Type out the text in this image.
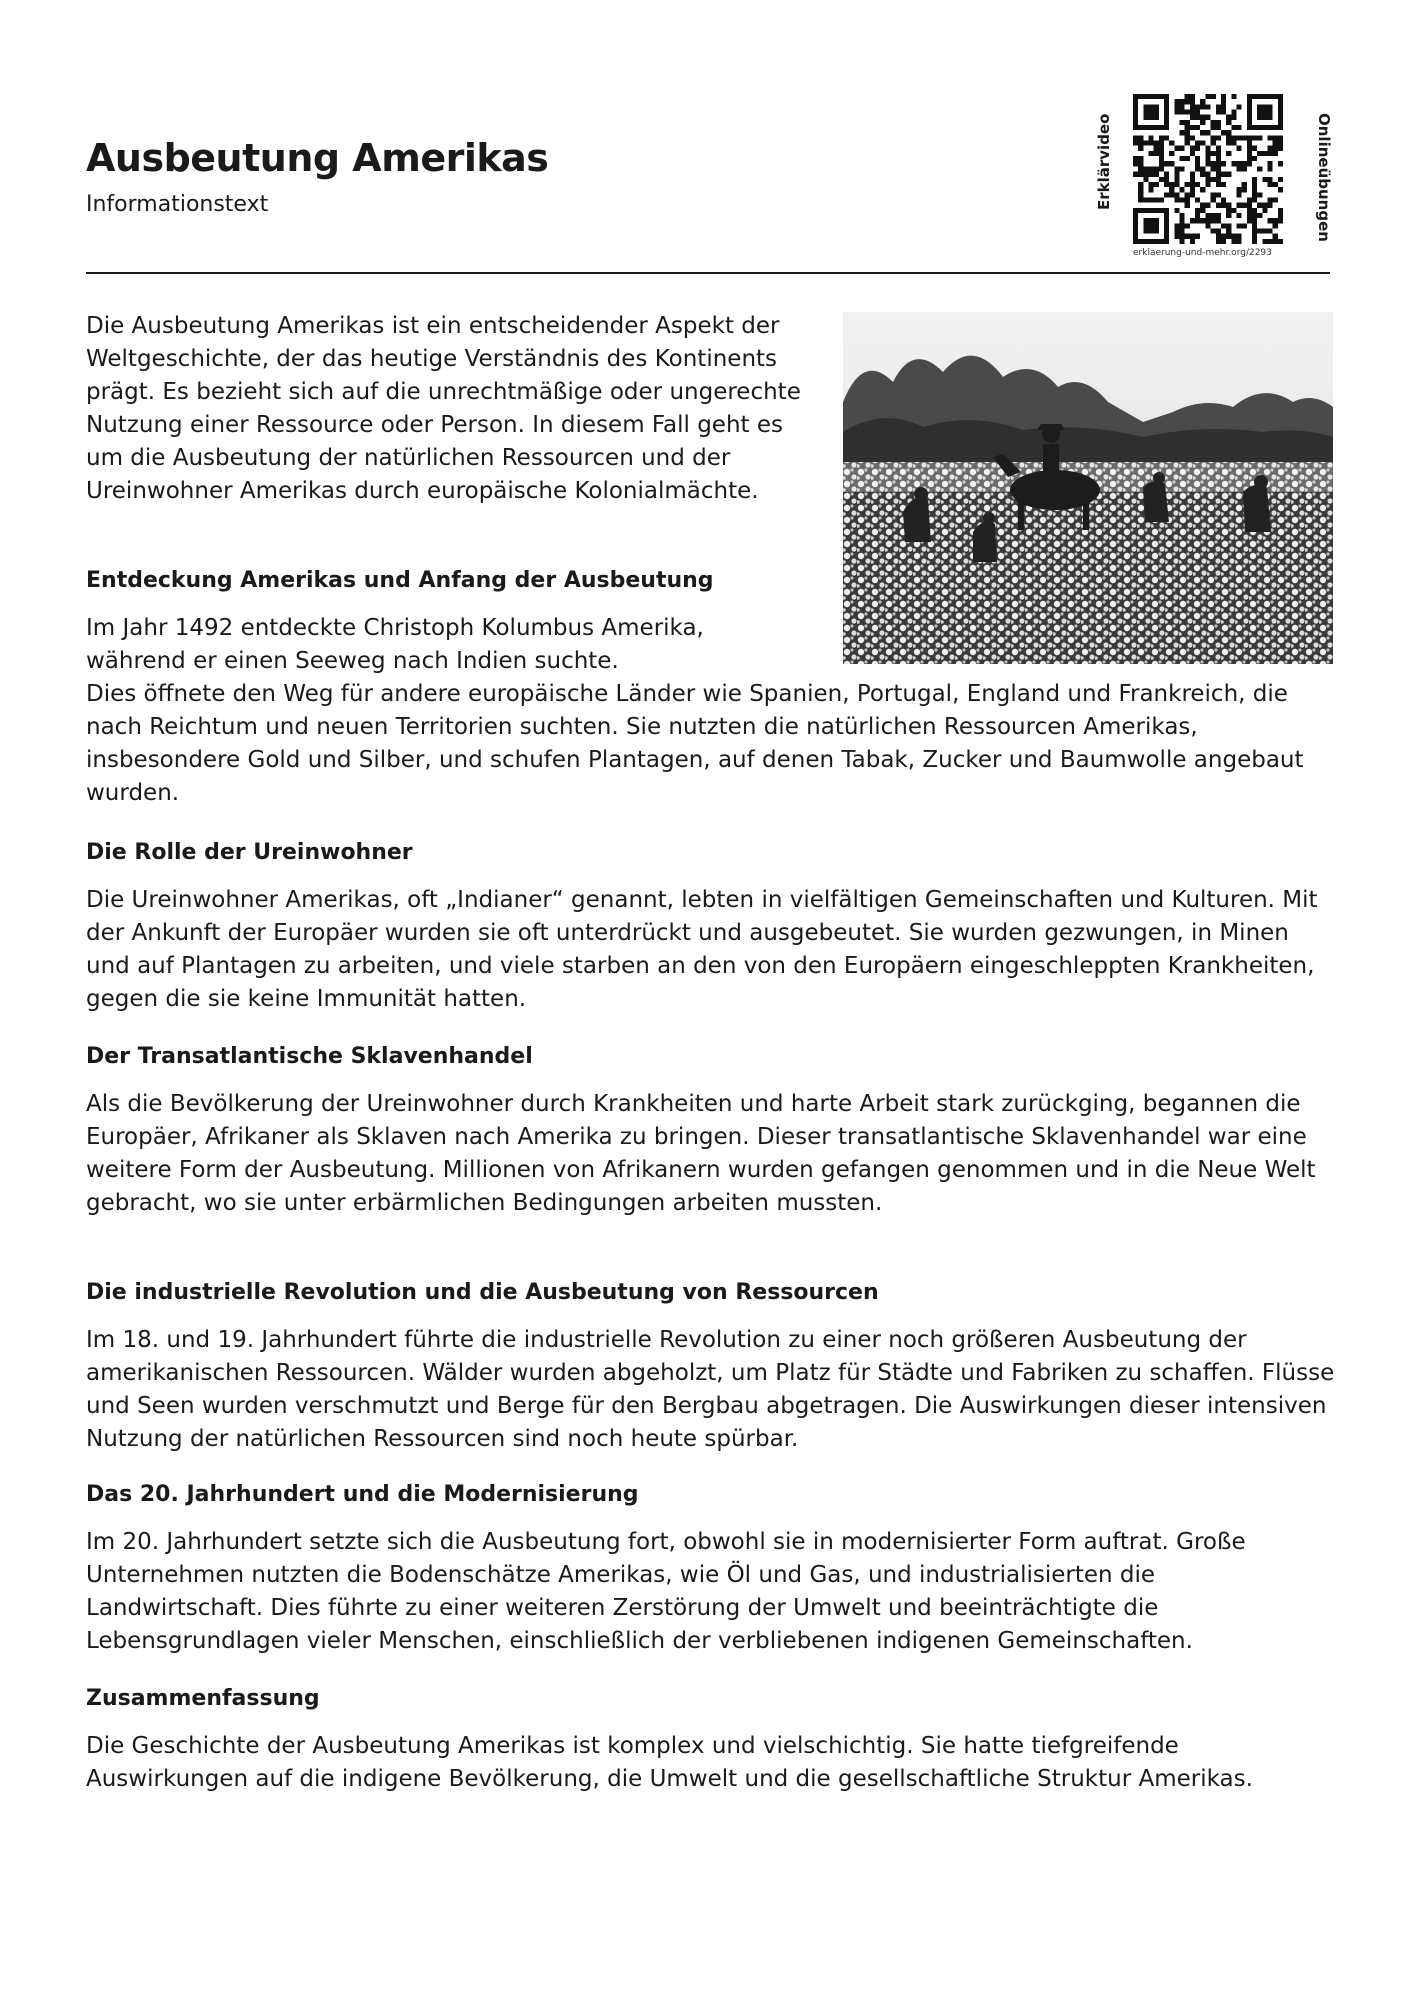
Ausbeutung Amerikas
Informationstext	Erklärvideo	Onlineübungen
erklaerung-und-mehr.org/2293
Die Ausbeutung Amerikas ist ein entscheidender Aspekt der Weltgeschichte, der das heutige Verständnis des Kontinents prägt. Es bezieht sich auf die unrechtmäßige oder ungerechte Nutzung einer Ressource oder Person. In diesem Fall geht es um die Ausbeutung der natürlichen Ressourcen und der Ureinwohner Amerikas durch europäische Kolonialmächte.
Entdeckung Amerikas und Anfang der Ausbeutung

Im Jahr 1492 entdeckte Christoph Kolumbus Amerika, während er einen Seeweg nach Indien suchte.

Dies öffnete den Weg für andere europäische Länder wie Spanien, Portugal, England und Frankreich, die nach Reichtum und neuen Territorien suchten. Sie nutzten die natürlichen Ressourcen Amerikas, insbesondere Gold und Silber, und schufen Plantagen, auf denen Tabak, Zucker und Baumwolle angebaut wurden.

Die Rolle der Ureinwohner

Die Ureinwohner Amerikas, oft „Indianer“ genannt, lebten in vielfältigen Gemeinschaften und Kulturen. Mit der Ankunft der Europäer wurden sie oft unterdrückt und ausgebeutet. Sie wurden gezwungen, in Minen und auf Plantagen zu arbeiten, und viele starben an den von den Europäern eingeschleppten Krankheiten, gegen die sie keine Immunität hatten.

Der Transatlantische Sklavenhandel

Als die Bevölkerung der Ureinwohner durch Krankheiten und harte Arbeit stark zurückging, begannen die Europäer, Afrikaner als Sklaven nach Amerika zu bringen. Dieser transatlantische Sklavenhandel war eine weitere Form der Ausbeutung. Millionen von Afrikanern wurden gefangen genommen und in die Neue Welt gebracht, wo sie unter erbärmlichen Bedingungen arbeiten mussten.

Die industrielle Revolution und die Ausbeutung von Ressourcen

Im 18. und 19. Jahrhundert führte die industrielle Revolution zu einer noch größeren Ausbeutung der amerikanischen Ressourcen. Wälder wurden abgeholzt, um Platz für Städte und Fabriken zu schaffen. Flüsse und Seen wurden verschmutzt und Berge für den Bergbau abgetragen. Die Auswirkungen dieser intensiven Nutzung der natürlichen Ressourcen sind noch heute spürbar.

Das 20. Jahrhundert und die Modernisierung

Im 20. Jahrhundert setzte sich die Ausbeutung fort, obwohl sie in modernisierter Form auftrat. Große Unternehmen nutzten die Bodenschätze Amerikas, wie Öl und Gas, und industrialisierten die Landwirtschaft. Dies führte zu einer weiteren Zerstörung der Umwelt und beeinträchtigte die Lebensgrundlagen vieler Menschen, einschließlich der verbliebenen indigenen Gemeinschaften.

Zusammenfassung

Die Geschichte der Ausbeutung Amerikas ist komplex und vielschichtig. Sie hatte tiefgreifende Auswirkungen auf die indigene Bevölkerung, die Umwelt und die gesellschaftliche Struktur Amerikas.
